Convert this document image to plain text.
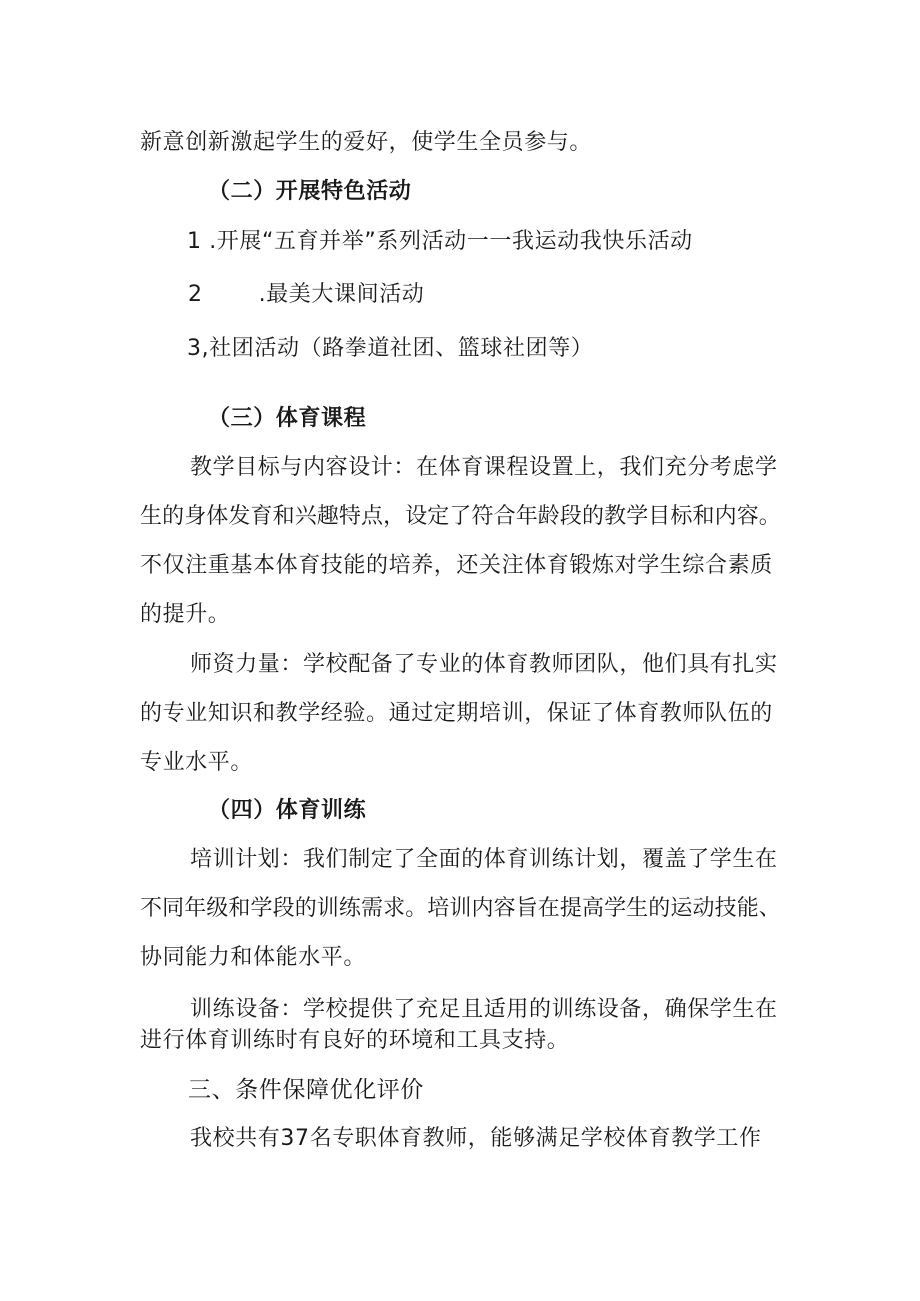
新意创新激起学生的爱好，使学生全员参与。
（二）开展特色活动
1 .开展“五育并举”系列活动一一我运动我快乐活动
2	.最美大课间活动
3,社团活动（路拳道社团、篮球社团等）
（三）体育课程
教学目标与内容设计：在体育课程设置上，我们充分考虑学
生的身体发育和兴趣特点，设定了符合年龄段的教学目标和内容。
不仅注重基本体育技能的培养，还关注体育锻炼对学生综合素质
的提升。
师资力量：学校配备了专业的体育教师团队，他们具有扎实
的专业知识和教学经验。通过定期培训，保证了体育教师队伍的
专业水平。
（四）体育训练
培训计划：我们制定了全面的体育训练计划，覆盖了学生在
不同年级和学段的训练需求。培训内容旨在提高学生的运动技能、
协同能力和体能水平。
训练设备：学校提供了充足且适用的训练设备，确保学生在
进行体育训练时有良好的环境和工具支持。
三、条件保障优化评价
我校共有37名专职体育教师，能够满足学校体育教学工作
